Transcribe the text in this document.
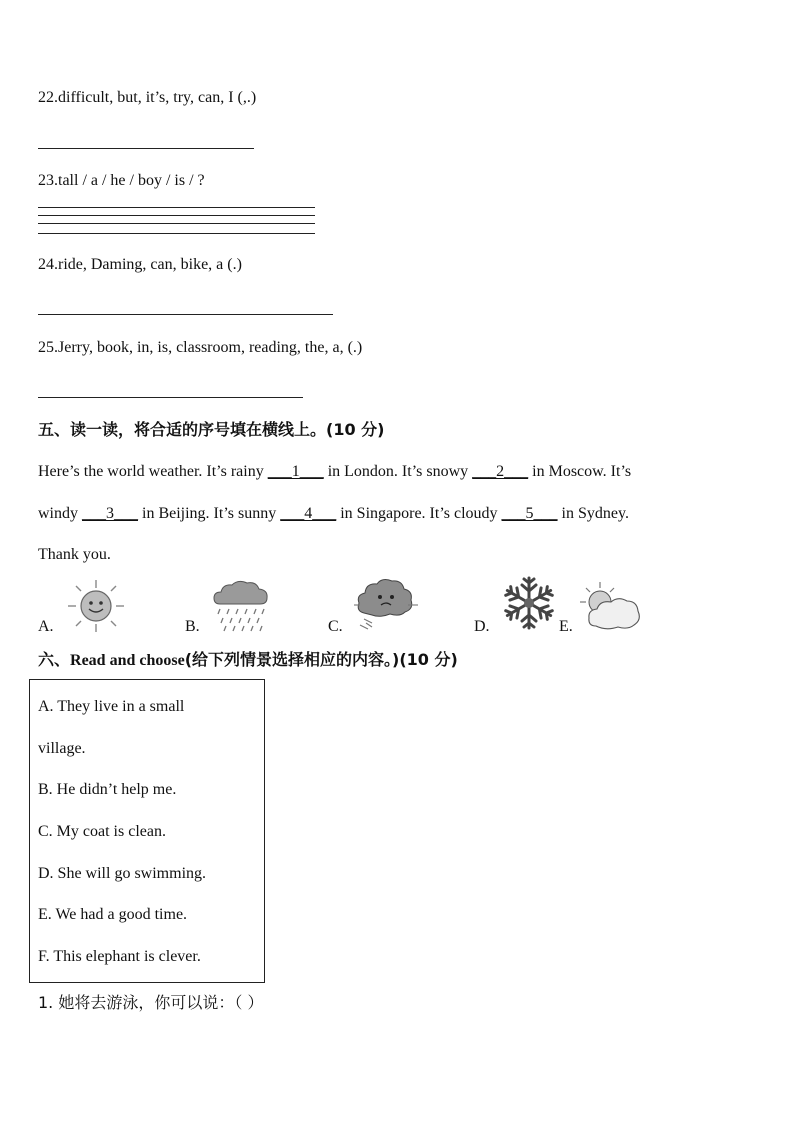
22.difficult, but, it’s, try, can, I (,.)
23.tall / a / he / boy / is / ?
24.ride, Daming, can, bike, a (.)
25.Jerry, book, in, is, classroom, reading, the, a, (.)
五、读一读，将合适的序号填在横线上。(10 分)
Here’s the world weather. It’s rainy ___1___ in London. It’s snowy ___2___ in Moscow. It’s
windy ___3___ in Beijing. It’s sunny ___4___ in Singapore. It’s cloudy ___5___ in Sydney.
Thank you.
A.	B.	C.	D.	E.
六、Read and choose(给下列情景选择相应的内容。)(10 分)
A. They live in a small
village.
B. He didn’t help me.
C. My coat is clean.
D. She will go swimming.
E. We had a good time.
F. This elephant is clever.
1. 她将去游泳，你可以说：（ ）
